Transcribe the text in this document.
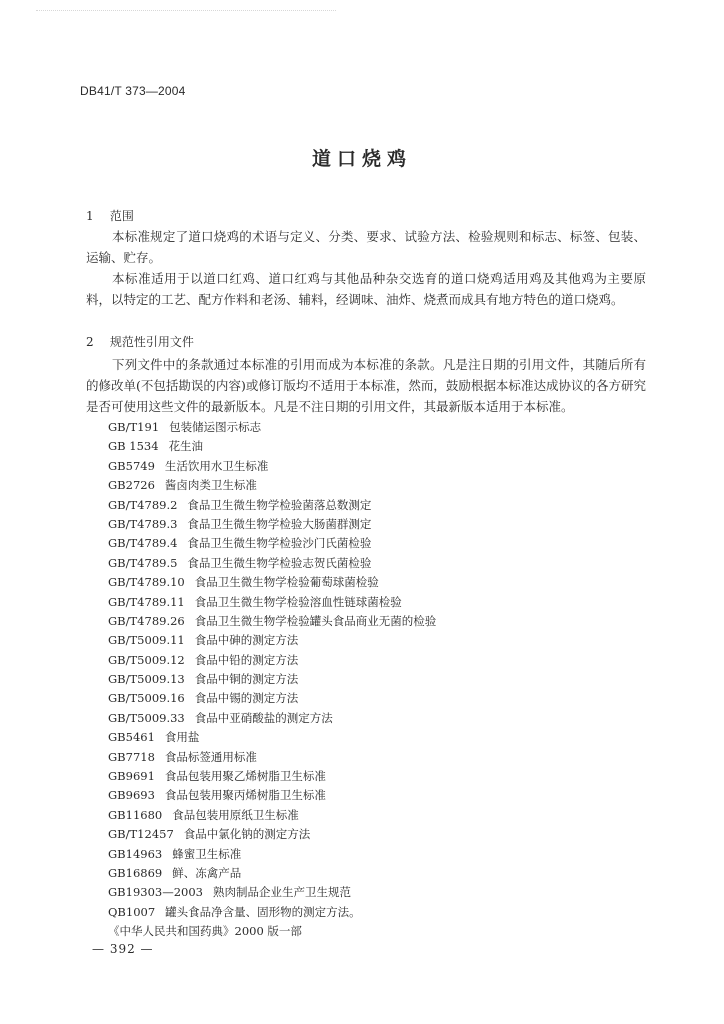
DB41/T 373—2004
道口烧鸡
1 范围

本标准规定了道口烧鸡的术语与定义、分类、要求、试验方法、检验规则和标志、标签、包装、运输、贮存。

本标准适用于以道口红鸡、道口红鸡与其他品种杂交选育的道口烧鸡适用鸡及其他鸡为主要原料，以特定的工艺、配方作料和老汤、辅料，经调味、油炸、烧煮而成具有地方特色的道口烧鸡。

2 规范性引用文件

下列文件中的条款通过本标准的引用而成为本标准的条款。凡是注日期的引用文件，其随后所有的修改单(不包括勘误的内容)或修订版均不适用于本标准，然而，鼓励根据本标准达成协议的各方研究是否可使用这些文件的最新版本。凡是不注日期的引用文件，其最新版本适用于本标准。

GB/T191 包装储运图示标志
GB 1534 花生油
GB5749 生活饮用水卫生标准
GB2726 酱卤肉类卫生标准
GB/T4789.2 食品卫生微生物学检验菌落总数测定
GB/T4789.3 食品卫生微生物学检验大肠菌群测定
GB/T4789.4 食品卫生微生物学检验沙门氏菌检验
GB/T4789.5 食品卫生微生物学检验志贺氏菌检验
GB/T4789.10 食品卫生微生物学检验葡萄球菌检验
GB/T4789.11 食品卫生微生物学检验溶血性链球菌检验
GB/T4789.26 食品卫生微生物学检验罐头食品商业无菌的检验
GB/T5009.11 食品中砷的测定方法
GB/T5009.12 食品中铅的测定方法
GB/T5009.13 食品中铜的测定方法
GB/T5009.16 食品中锡的测定方法
GB/T5009.33 食品中亚硝酸盐的测定方法
GB5461 食用盐
GB7718 食品标签通用标准
GB9691 食品包装用聚乙烯树脂卫生标准
GB9693 食品包装用聚丙烯树脂卫生标准
GB11680 食品包装用原纸卫生标准
GB/T12457 食品中氯化钠的测定方法
GB14963 蜂蜜卫生标准
GB16869 鲜、冻禽产品
GB19303—2003 熟肉制品企业生产卫生规范
QB1007 罐头食品净含量、固形物的测定方法。
《中华人民共和国药典》2000 版一部
— 392 —
